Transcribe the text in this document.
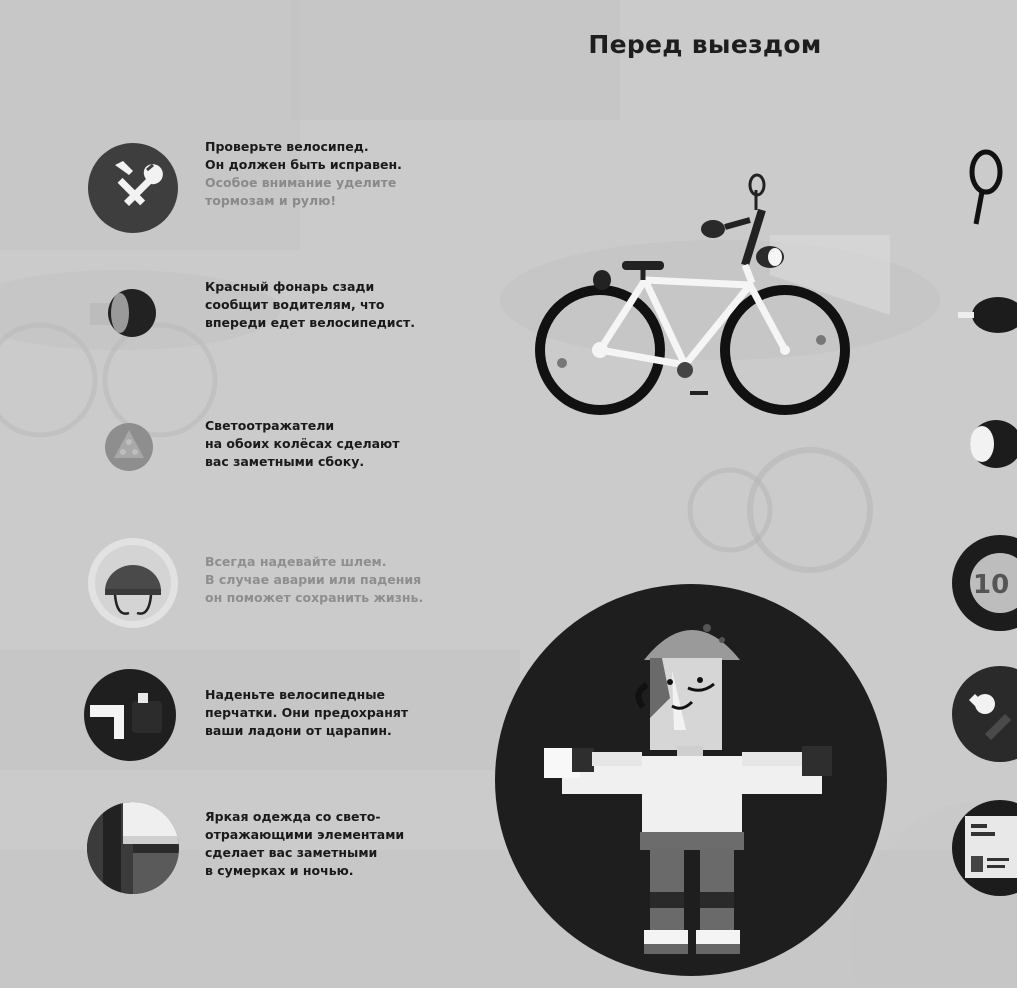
Перед выездом
Проверьте велосипед.
Он должен быть исправен.
Особое внимание уделите
тормозам и рулю!
Красный фонарь сзади
сообщит водителям, что
впереди едет велосипедист.
Светоотражатели
на обоих колёсах сделают
вас заметными сбоку.
Всегда надевайте шлем.
В случае аварии или падения
он поможет сохранить жизнь.
Наденьте велосипедные
перчатки. Они предохранят
ваши ладони от царапин.
Яркая одежда со свето-
отражающими элементами
сделает вас заметными
в сумерках и ночью.
10
